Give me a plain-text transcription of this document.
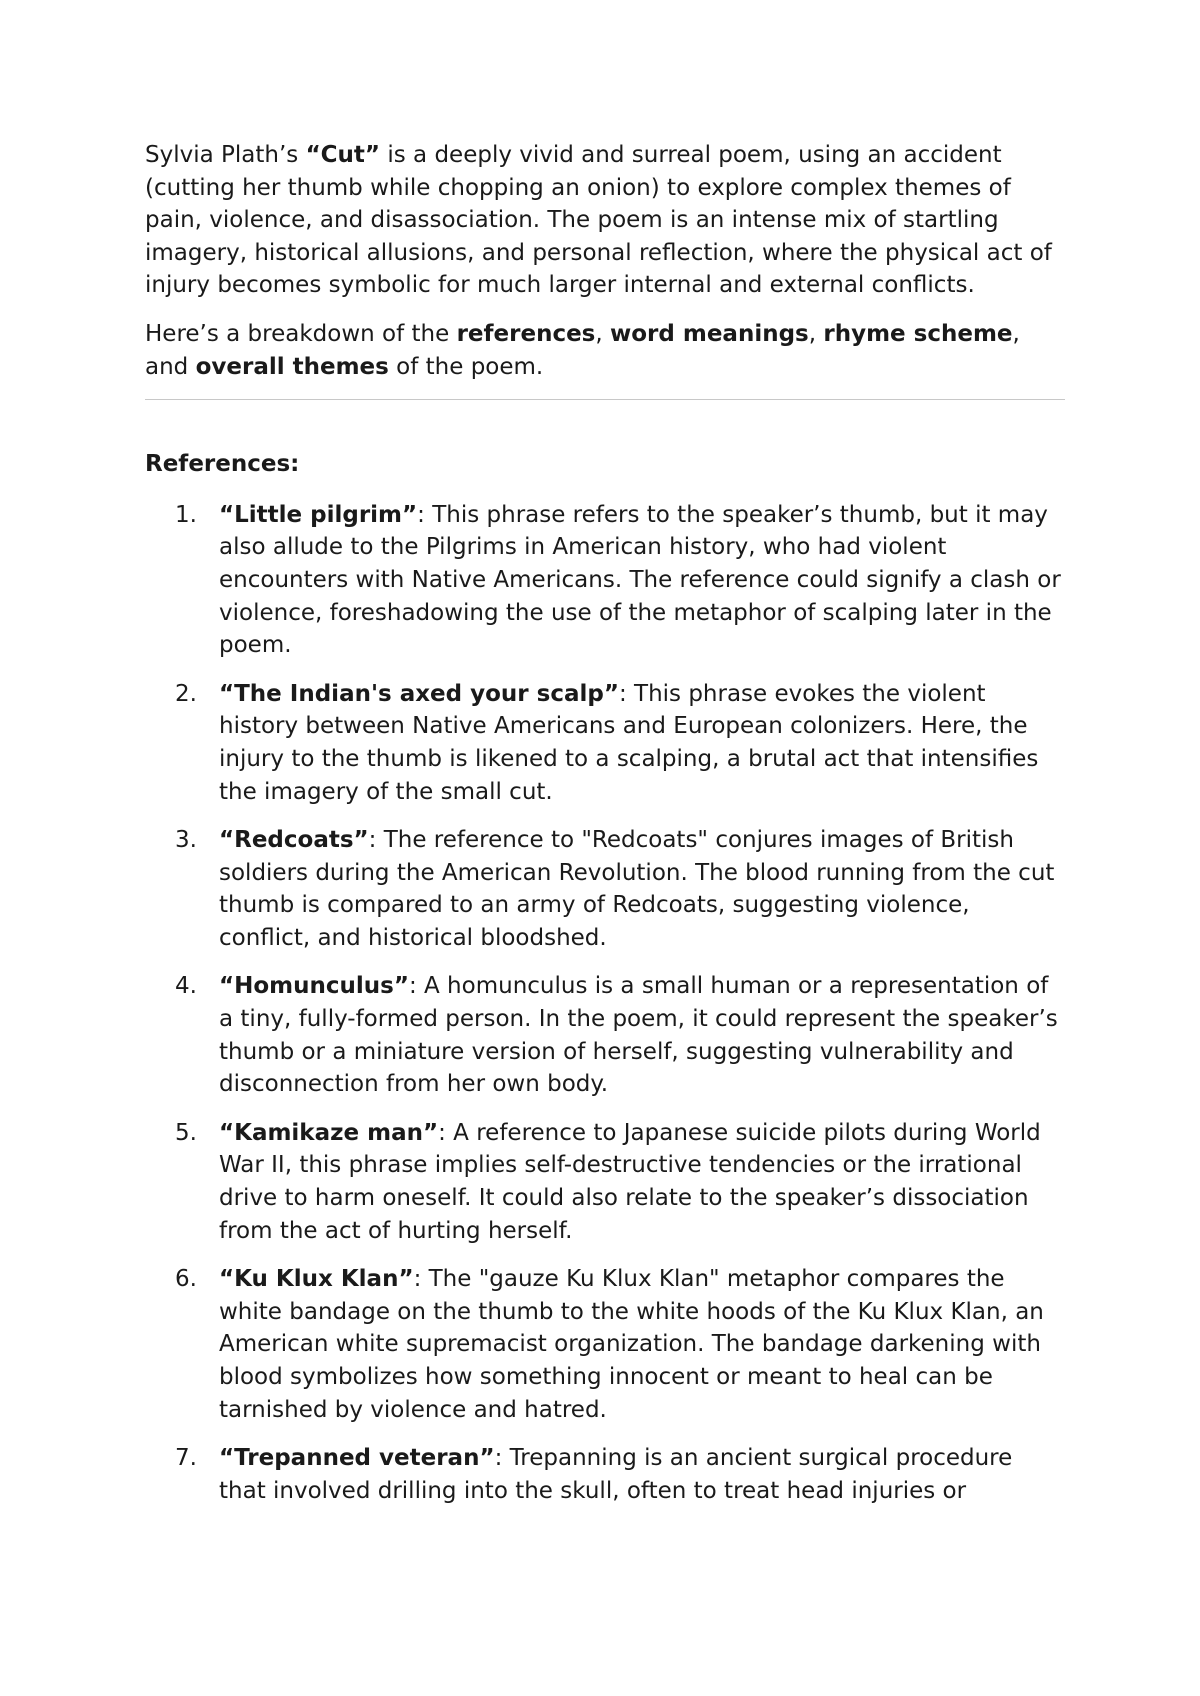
Sylvia Plath’s “Cut” is a deeply vivid and surreal poem, using an accident (cutting her thumb while chopping an onion) to explore complex themes of pain, violence, and disassociation. The poem is an intense mix of startling imagery, historical allusions, and personal reflection, where the physical act of injury becomes symbolic for much larger internal and external conflicts.

Here’s a breakdown of the references, word meanings, rhyme scheme, and overall themes of the poem.

References:

1. “Little pilgrim”: This phrase refers to the speaker’s thumb, but it may also allude to the Pilgrims in American history, who had violent encounters with Native Americans. The reference could signify a clash or violence, foreshadowing the use of the metaphor of scalping later in the poem.
2. “The Indian's axed your scalp”: This phrase evokes the violent history between Native Americans and European colonizers. Here, the injury to the thumb is likened to a scalping, a brutal act that intensifies the imagery of the small cut.
3. “Redcoats”: The reference to "Redcoats" conjures images of British soldiers during the American Revolution. The blood running from the cut thumb is compared to an army of Redcoats, suggesting violence, conflict, and historical bloodshed.
4. “Homunculus”: A homunculus is a small human or a representation of a tiny, fully-formed person. In the poem, it could represent the speaker’s thumb or a miniature version of herself, suggesting vulnerability and disconnection from her own body.
5. “Kamikaze man”: A reference to Japanese suicide pilots during World War II, this phrase implies self-destructive tendencies or the irrational drive to harm oneself. It could also relate to the speaker’s dissociation from the act of hurting herself.
6. “Ku Klux Klan”: The "gauze Ku Klux Klan" metaphor compares the white bandage on the thumb to the white hoods of the Ku Klux Klan, an American white supremacist organization. The bandage darkening with blood symbolizes how something innocent or meant to heal can be tarnished by violence and hatred.
7. “Trepanned veteran”: Trepanning is an ancient surgical procedure that involved drilling into the skull, often to treat head injuries or
